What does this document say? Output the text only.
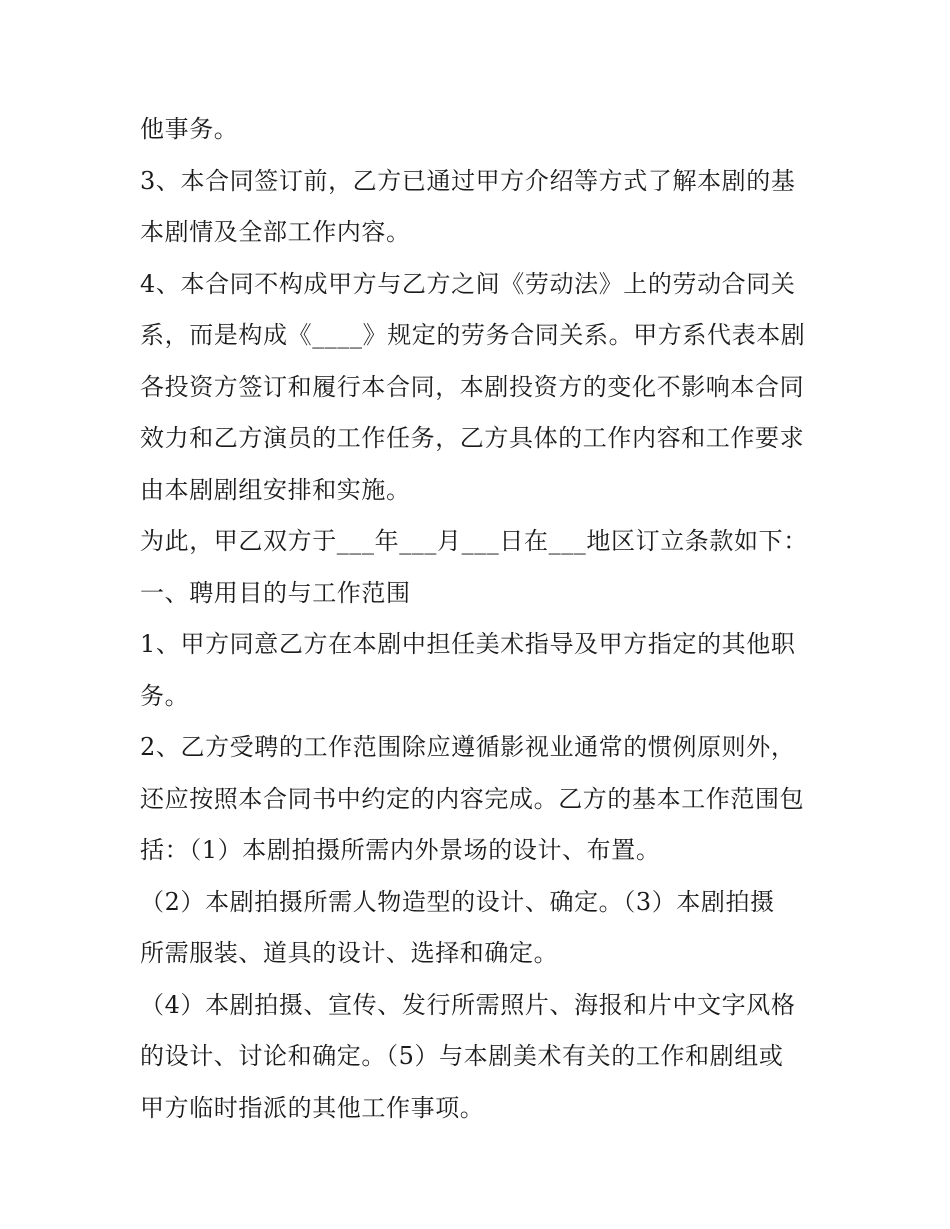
他事务。
3、本合同签订前，乙方已通过甲方介绍等方式了解本剧的基
本剧情及全部工作内容。
4、本合同不构成甲方与乙方之间《劳动法》上的劳动合同关
系，而是构成《____》规定的劳务合同关系。甲方系代表本剧
各投资方签订和履行本合同，本剧投资方的变化不影响本合同
效力和乙方演员的工作任务，乙方具体的工作内容和工作要求
由本剧剧组安排和实施。
为此，甲乙双方于___年___月___日在___地区订立条款如下：
一、聘用目的与工作范围
1、甲方同意乙方在本剧中担任美术指导及甲方指定的其他职
务。
2、乙方受聘的工作范围除应遵循影视业通常的惯例原则外，
还应按照本合同书中约定的内容完成。乙方的基本工作范围包
括：（1）本剧拍摄所需内外景场的设计、布置。
（2）本剧拍摄所需人物造型的设计、确定。（3）本剧拍摄
所需服装、道具的设计、选择和确定。
（4）本剧拍摄、宣传、发行所需照片、海报和片中文字风格
的设计、讨论和确定。（5）与本剧美术有关的工作和剧组或
甲方临时指派的其他工作事项。
